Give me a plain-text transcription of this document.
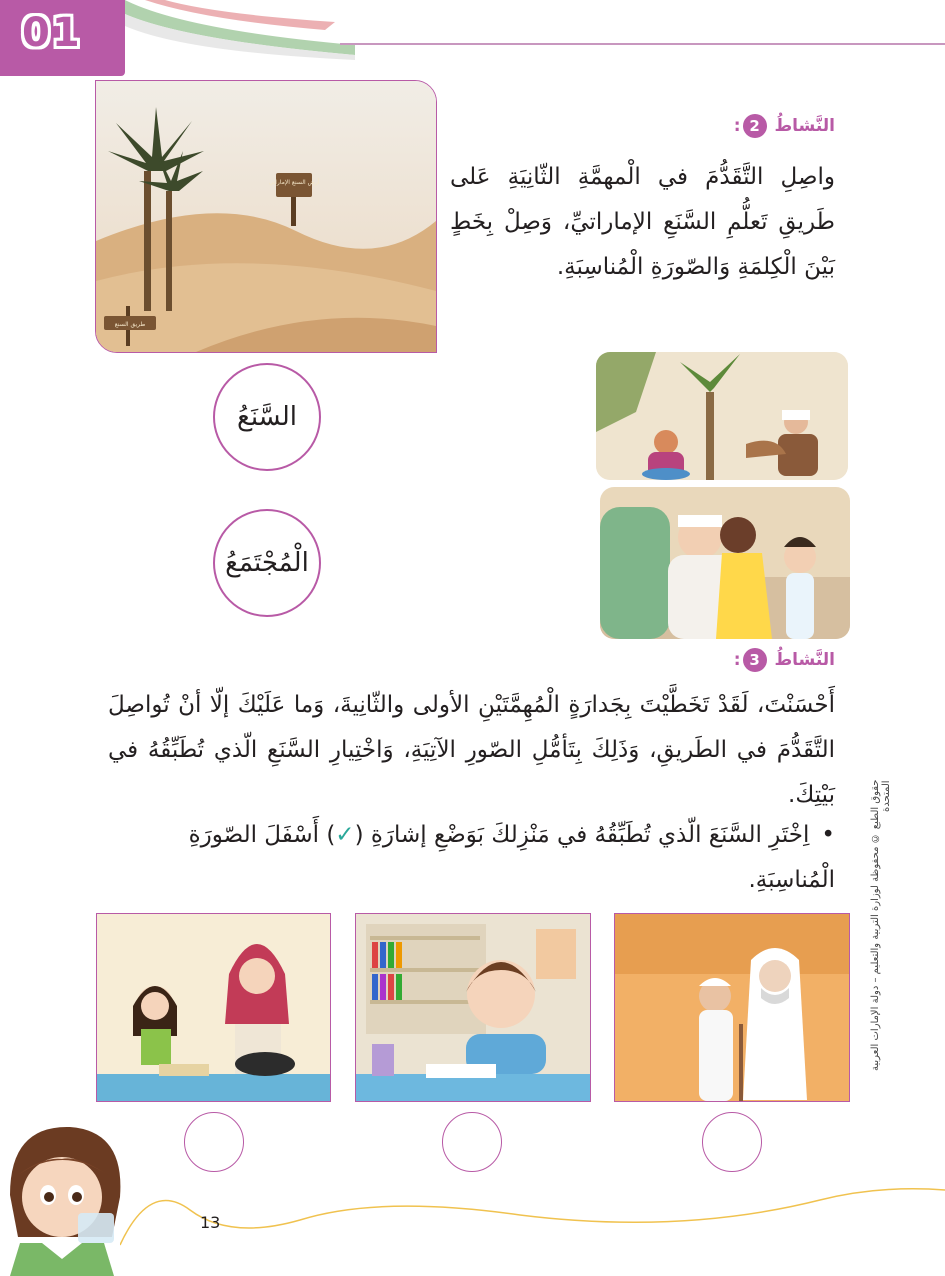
01
أرض السنع الإماراتي
طريق السنع
النَّشاطُ 2:
واصِلِ التَّقَدُّمَ في الْمهمَّةِ الثّانِيَةِ عَلى طَريقِ تَعلُّمِ السَّنَعِ الإماراتيِّ، وَصِلْ بِخَطٍ بَيْنَ الْكِلمَةِ وَالصّورَةِ الْمُناسِبَةِ.
السَّنَعُ
الْمُجْتَمَعُ
النَّشاطُ 3:
أَحْسَنْتَ، لَقَدْ تَخَطَّيْتَ بِجَدارَةٍ الْمُهِمَّتَيْنِ الأولى والثّانِيةَ، وَما عَلَيْكَ إلّا أنْ تُواصِلَ التَّقَدُّمَ في الطَريقِ، وَذَلِكَ بِتَأمُّلِ الصّورِ الآتِيَةِ، وَاخْتِيارِ السَّنَعِ الّذي تُطَبِّقُهُ في بَيْتِكَ.
•اِخْتَرِ السَّنَعَ الّذي تُطَبِّقُهُ في مَنْزِلكَ بَوَضْعِ إشارَةِ (✓) أَسْفَلَ الصّورَةِ الْمُناسِبَةِ.	حقوق الطبع © محفوظة لوزارة التربية والتعليم – دولة الإمارات العربية المتحدة
13
